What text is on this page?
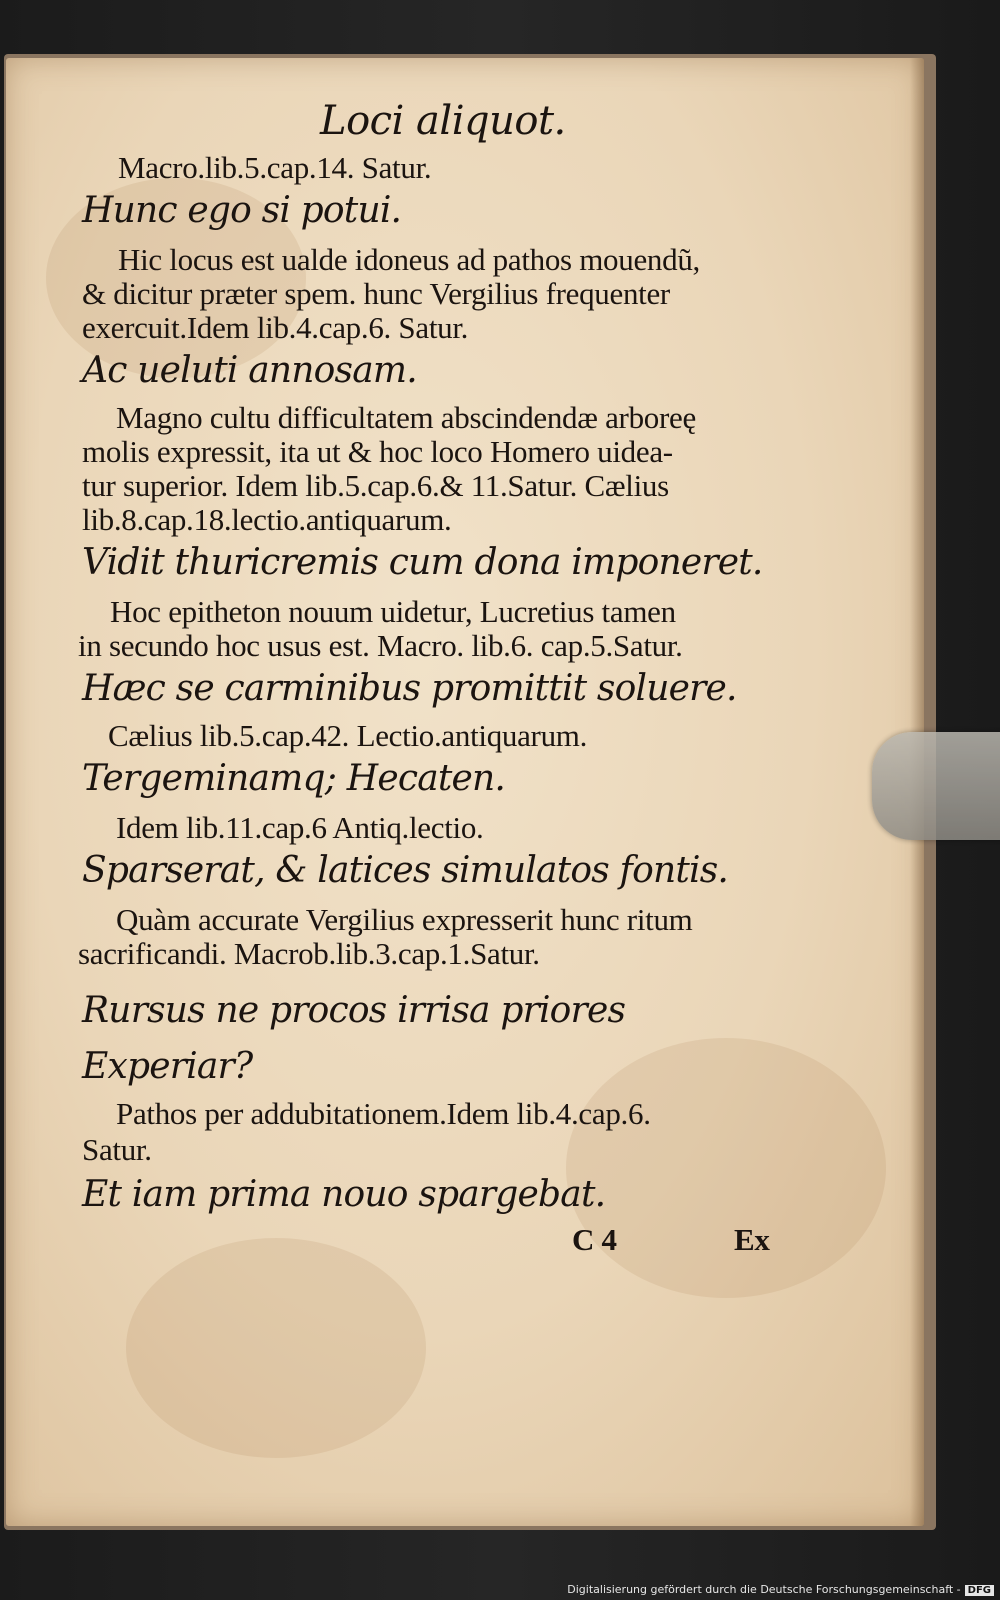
Loci aliquot.
Macro.lib.5.cap.14. Satur.
Hunc ego si potui.
Hic locus est ualde idoneus ad pathos mouendũ,
& dicitur præter spem. hunc Vergilius frequenter
exercuit.Idem lib.4.cap.6. Satur.
Ac ueluti annosam.
Magno cultu difficultatem abscindendæ arboreę
molis expressit, ita ut & hoc loco Homero uidea-
tur superior. Idem lib.5.cap.6.& 11.Satur. Cælius
lib.8.cap.18.lectio.antiquarum.
Vidit thuricremis cum dona imponeret.
Hoc epitheton nouum uidetur, Lucretius tamen
in secundo hoc usus est. Macro. lib.6. cap.5.Satur.
Hæc se carminibus promittit soluere.
Cælius lib.5.cap.42. Lectio.antiquarum.
Tergeminamq; Hecaten.
Idem lib.11.cap.6 Antiq.lectio.
Sparserat, & latices simulatos fontis.
Quàm accurate Vergilius expresserit hunc ritum
sacrificandi. Macrob.lib.3.cap.1.Satur.
Rursus ne procos irrisa priores
Experiar?
Pathos per addubitationem.Idem lib.4.cap.6.
Satur.
Et iam prima nouo spargebat.
C 4	Ex
Digitalisierung gefördert durch die Deutsche Forschungsgemeinschaft - DFG
